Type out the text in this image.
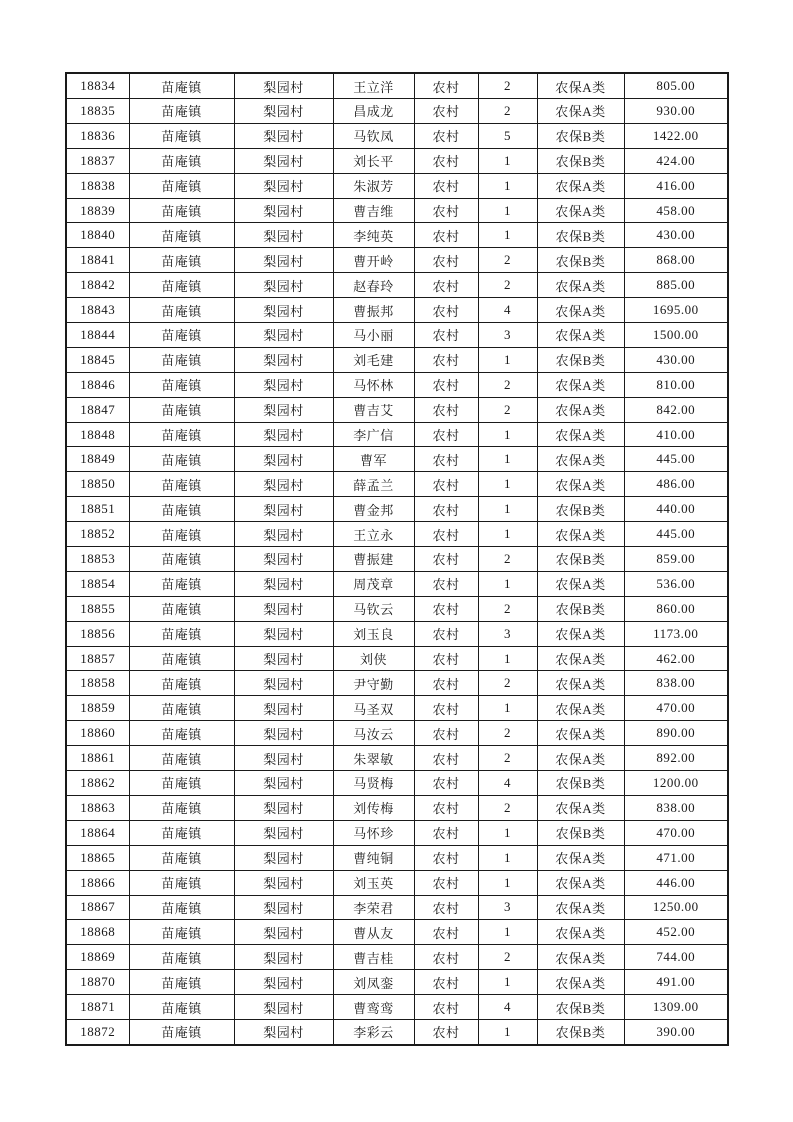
18834	苗庵镇	梨园村	王立洋	农村	2	农保A类	805.00
18835	苗庵镇	梨园村	昌成龙	农村	2	农保A类	930.00
18836	苗庵镇	梨园村	马钦凤	农村	5	农保B类	1422.00
18837	苗庵镇	梨园村	刘长平	农村	1	农保B类	424.00
18838	苗庵镇	梨园村	朱淑芳	农村	1	农保A类	416.00
18839	苗庵镇	梨园村	曹吉维	农村	1	农保A类	458.00
18840	苗庵镇	梨园村	李纯英	农村	1	农保B类	430.00
18841	苗庵镇	梨园村	曹开岭	农村	2	农保B类	868.00
18842	苗庵镇	梨园村	赵春玲	农村	2	农保A类	885.00
18843	苗庵镇	梨园村	曹振邦	农村	4	农保A类	1695.00
18844	苗庵镇	梨园村	马小丽	农村	3	农保A类	1500.00
18845	苗庵镇	梨园村	刘毛建	农村	1	农保B类	430.00
18846	苗庵镇	梨园村	马怀林	农村	2	农保A类	810.00
18847	苗庵镇	梨园村	曹吉艾	农村	2	农保A类	842.00
18848	苗庵镇	梨园村	李广信	农村	1	农保A类	410.00
18849	苗庵镇	梨园村	曹军	农村	1	农保A类	445.00
18850	苗庵镇	梨园村	薛孟兰	农村	1	农保A类	486.00
18851	苗庵镇	梨园村	曹金邦	农村	1	农保B类	440.00
18852	苗庵镇	梨园村	王立永	农村	1	农保A类	445.00
18853	苗庵镇	梨园村	曹振建	农村	2	农保B类	859.00
18854	苗庵镇	梨园村	周茂章	农村	1	农保A类	536.00
18855	苗庵镇	梨园村	马钦云	农村	2	农保B类	860.00
18856	苗庵镇	梨园村	刘玉良	农村	3	农保A类	1173.00
18857	苗庵镇	梨园村	刘侠	农村	1	农保A类	462.00
18858	苗庵镇	梨园村	尹守勤	农村	2	农保A类	838.00
18859	苗庵镇	梨园村	马圣双	农村	1	农保A类	470.00
18860	苗庵镇	梨园村	马汝云	农村	2	农保A类	890.00
18861	苗庵镇	梨园村	朱翠敏	农村	2	农保A类	892.00
18862	苗庵镇	梨园村	马贤梅	农村	4	农保B类	1200.00
18863	苗庵镇	梨园村	刘传梅	农村	2	农保A类	838.00
18864	苗庵镇	梨园村	马怀珍	农村	1	农保B类	470.00
18865	苗庵镇	梨园村	曹纯铜	农村	1	农保A类	471.00
18866	苗庵镇	梨园村	刘玉英	农村	1	农保A类	446.00
18867	苗庵镇	梨园村	李荣君	农村	3	农保A类	1250.00
18868	苗庵镇	梨园村	曹从友	农村	1	农保A类	452.00
18869	苗庵镇	梨园村	曹吉桂	农村	2	农保A类	744.00
18870	苗庵镇	梨园村	刘凤銮	农村	1	农保A类	491.00
18871	苗庵镇	梨园村	曹鸾鸾	农村	4	农保B类	1309.00
18872	苗庵镇	梨园村	李彩云	农村	1	农保B类	390.00
